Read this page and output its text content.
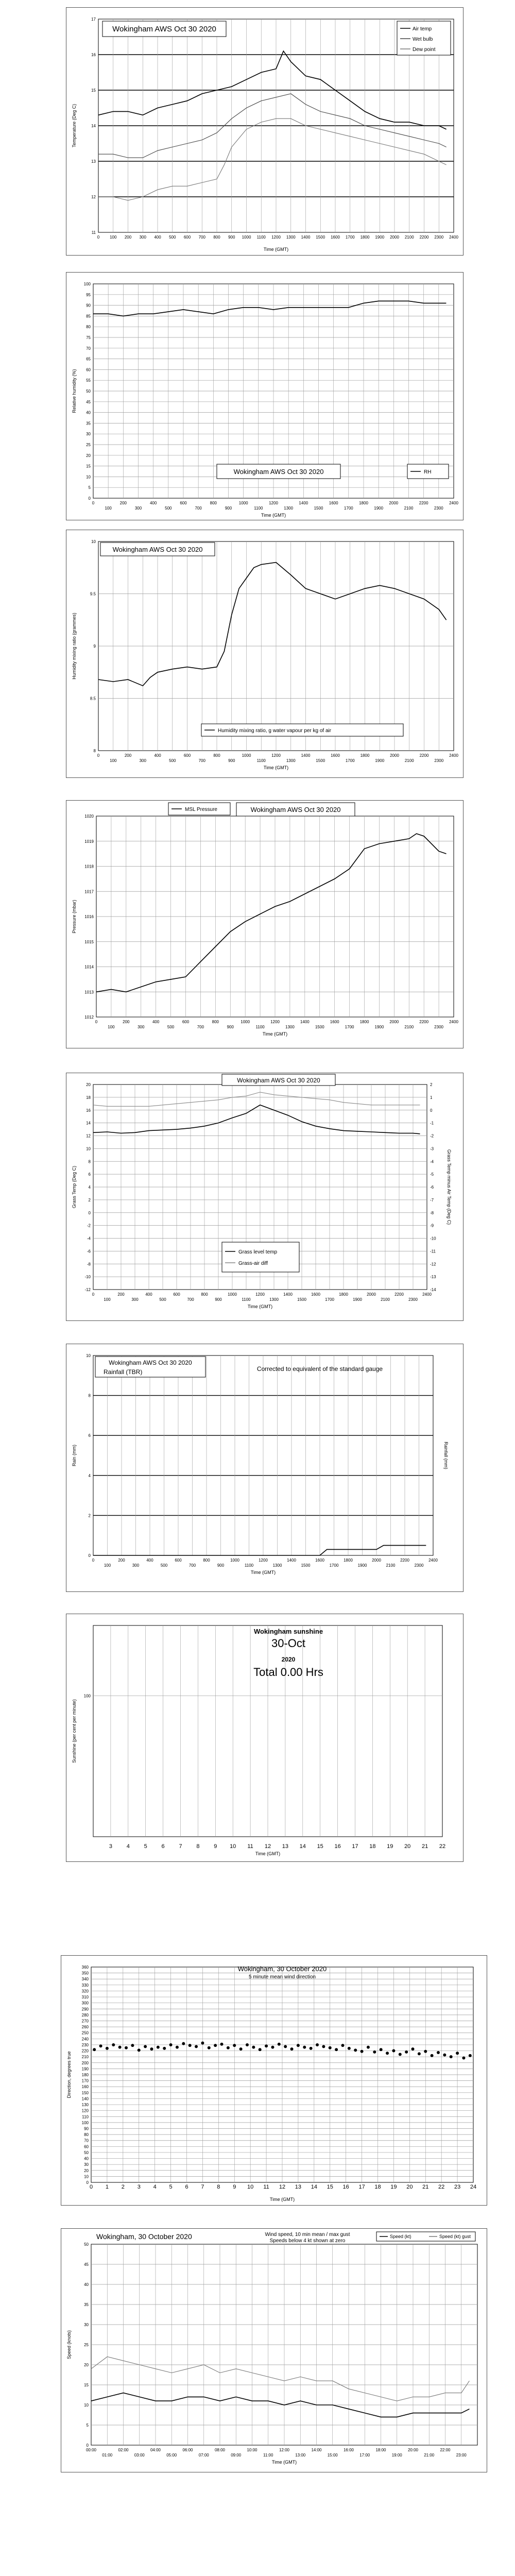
11
12
13
14
15
16
17
0 100 200 300 400 500 600 700 800 900 1000 1100 1200 1300 1400 1500 1600 1700 1800 1900 2000 2100 2200 2300 2400
Time (GMT)
Temperature (Deg C)
Wokingham AWS Oct 30 2020	Air temp
Wet bulb
Dew point
0
5
10
15
20
25
30
35
40
45
50
55
60
65
70
75
80
85
90
95
100
0
100
200
300
400
500
600
700
800
900
1000
1100
1200
1300
1400
1500
1600
1700
1800
1900
2000
2100
2200
2300
2400
Time (GMT)
Relative humidity (%)
Wokingham AWS Oct 30 2020	RH
8
8.5
9
9.5
10
0
100
200
300
400
500
600
700
800
900
1000
1100
1200
1300
1400
1500
1600
1700
1800
1900
2000
2100
2200
2300
2400
Time (GMT)
Humidity mixing ratio (grammes)
Wokingham AWS Oct 30 2020
Humidity mixing ratio, g water vapour per kg of air
1012
1013
1014
1015
1016
1017
1018
1019
1020
0
100
200
300
400
500
600
700
800
900
1000
1100
1200
1300
1400
1500
1600
1700
1800
1900
2000
2100
2200
2300
2400
Time (GMT)
Pressure (mbar)
MSL Pressure	Wokingham AWS Oct 30 2020
-12
-10
-8
-6
-4
-2
0
2
4
6
8
10
12
14
16
18
20
0
100
200
300
400
500
600
700
800
900
1000
1100
1200
1300
1400
1500
1600
1700
1800
1900
2000
2100
2200
2300
2400
Time (GMT)
Grass Temp (Deg C)	Grass Temp minus Air Temp (Deg C)
-14
-13
-12
-11
-10
-9
-8
-7
-6
-5
-4
-3
-2
-1
0
1
2
Wokingham AWS Oct 30 2020
Grass level temp
Grass-air diff
0
2
4
6
8
10
0
100
200
300
400
500
600
700
800
900
1000
1100
1200
1300
1400
1500
1600
1700
1800
1900
2000
2100
2200
2300
2400
Time (GMT)
Rain (mm)	Rainfall (mm)
Wokingham AWS Oct 30 2020
Rainfall (TBR)	Corrected to equivalent of the standard gauge
100
3	4	5	6	7	8	9 10 11 12 13 14 15 16 17 18 19 20 21 22
Time (GMT)
Sunshine (per cent per minute)
Wokingham sunshine
30-Oct
2020
Total 0.00 Hrs
0
10
20
30
40
50
60
70
80
90
100
110
120
130
140
150
160
170
180
190
200
210
220
230
240
250
260
270
280
290
300
310
320
330
340
350
360
0 1 2 3 4 5 6 7 8 9 10 11 12 13 14 15 16 17 18 19 20 21 22 23 24
Time (GMT)
Direction, degrees true
Wokingham, 30 October 2020
5 minute mean wind direction
0
5
10
15
20
25
30
35
40
45
50
00:00
01:00
02:00
03:00
04:00
05:00
06:00
07:00
08:00
09:00
10:00
11:00
12:00
13:00
14:00
15:00
16:00
17:00
18:00
19:00
20:00
21:00
22:00
23:00
Time (GMT)
Speed (knots)
Wokingham, 30 October 2020	Wind speed, 10 min mean / max gust
Speeds below 4 kt shown at zero
Speed (kt)	Speed (kt) gust
